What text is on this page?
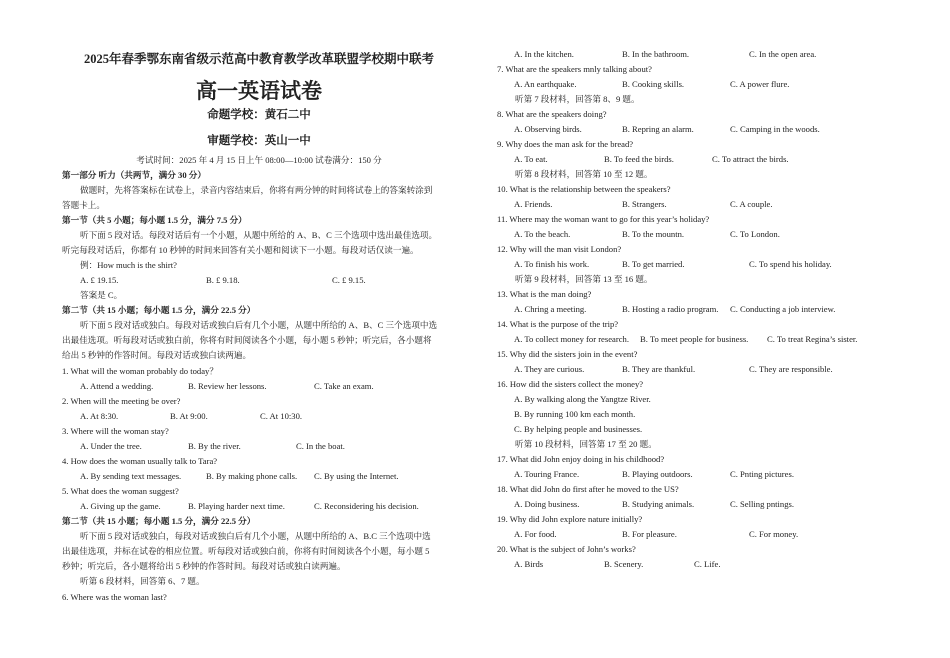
2025年春季鄂东南省级示范高中教育教学改革联盟学校期中联考
高一英语试卷
命题学校：黄石二中
审题学校：英山一中
考试时间：2025 年 4 月 15 日上午 08:00—10:00 试卷满分：150 分
第一部分 听力（共两节，满分 30 分）
做题时，先将答案标在试卷上，录音内容结束后，你将有两分钟的时间将试卷上的答案转涂到
答题卡上。
第一节（共 5 小题；每小题 1.5 分，满分 7.5 分）
听下面 5 段对话。每段对话后有一个小题，从题中所给的 A、B、C 三个选项中选出最佳选项。
听完每段对话后，你都有 10 秒钟的时间来回答有关小题和阅读下一小题。每段对话仅读一遍。
例：How much is the shirt?
A. £ 19.15.	B. £ 9.18.	C. £ 9.15.
答案是 C。
第二节（共 15 小题；每小题 1.5 分，满分 22.5 分）
听下面 5 段对话或独白。每段对话或独白后有几个小题，从题中所给的 A、B、C 三个选项中选
出最佳选项。听每段对话或独白前，你将有时间阅读各个小题，每小题 5 秒钟；听完后，各小题将
给出 5 秒钟的作答时间。每段对话或独白读两遍。
1. What will the woman probably do today？
A. Attend a wedding.	B. Review her lessons.	C. Take an exam.
2. When will the meeting be over?
A. At 8:30.	B. At 9:00.	C. At 10:30.
3. Where will the woman stay?
A. Under the tree.	B. By the river.	C. In the boat.
4. How does the woman usually talk to Tara?
A. By sending text messages.	B. By making phone calls. C. By using the Internet.
5. What does the woman suggest?
A. Giving up the game.	B. Playing harder next time.	C. Reconsidering his decision.
第二节（共 15 小题；每小题 1.5 分，满分 22.5 分）
听下面 5 段对话或独白，每段对话或独白后有几个小题，从题中所给的 A、B.C 三个选项中选
出最佳选项，并标在试卷的相应位置。听每段对话或独白前，你将有时间阅读各个小题，每小题 5
秒钟；听完后，各小题将给出 5 秒钟的作答时间。每段对话或独白读两遍。
听第 6 段材料，回答第 6、7 题。
6. Where was the woman last?
A. In the kitchen.	B. In the bathroom.	C. In the open area.
7. What are the speakers mnly talking about?
A. An earthquake.	B. Cooking skills.	C. A power flure.
听第 7 段材料，回答第 8、9 题。
8. What are the speakers doing?
A. Observing birds.	B. Repring an alarm.	C. Camping in the woods.
9. Why does the man ask for the bread?
A. To eat.	B. To feed the birds.	C. To attract the birds.
听第 8 段材料，回答第 10 至 12 题。
10. What is the relationship between the speakers?
A. Friends.	B. Strangers.	C. A couple.
11. Where may the woman want to go for this year’s holiday?
A. To the beach.	B. To the mountn.	C. To London.
12. Why will the man visit London?
A. To finish his work.	B. To get married.	C. To spend his holiday.
听第 9 段材料，回答第 13 至 16 题。
13. What is the man doing?
A. Chring a meeting.	B. Hosting a radio program. C. Conducting a job interview.
14. What is the purpose of the trip?
A. To collect money for research. B. To meet people for business. C. To treat Regina’s sister.
15. Why did the sisters join in the event?
A. They are curious.	B. They are thankful.	C. They are responsible.
16. How did the sisters collect the money?
A. By walking along the Yangtze River.
B. By running 100 km each month.
C. By helping people and businesses.
听第 10 段材料，回答第 17 至 20 题。
17. What did John enjoy doing in his childhood?
A. Touring France.	B. Playing outdoors.	C. Pnting pictures.
18. What did John do first after he moved to the US?
A. Doing business.	B. Studying animals.	C. Selling pntings.
19. Why did John explore nature initially?
A. For food.	B. For pleasure.	C. For money.
20. What is the subject of John’s works?
A. Birds	B. Scenery.	C. Life.
